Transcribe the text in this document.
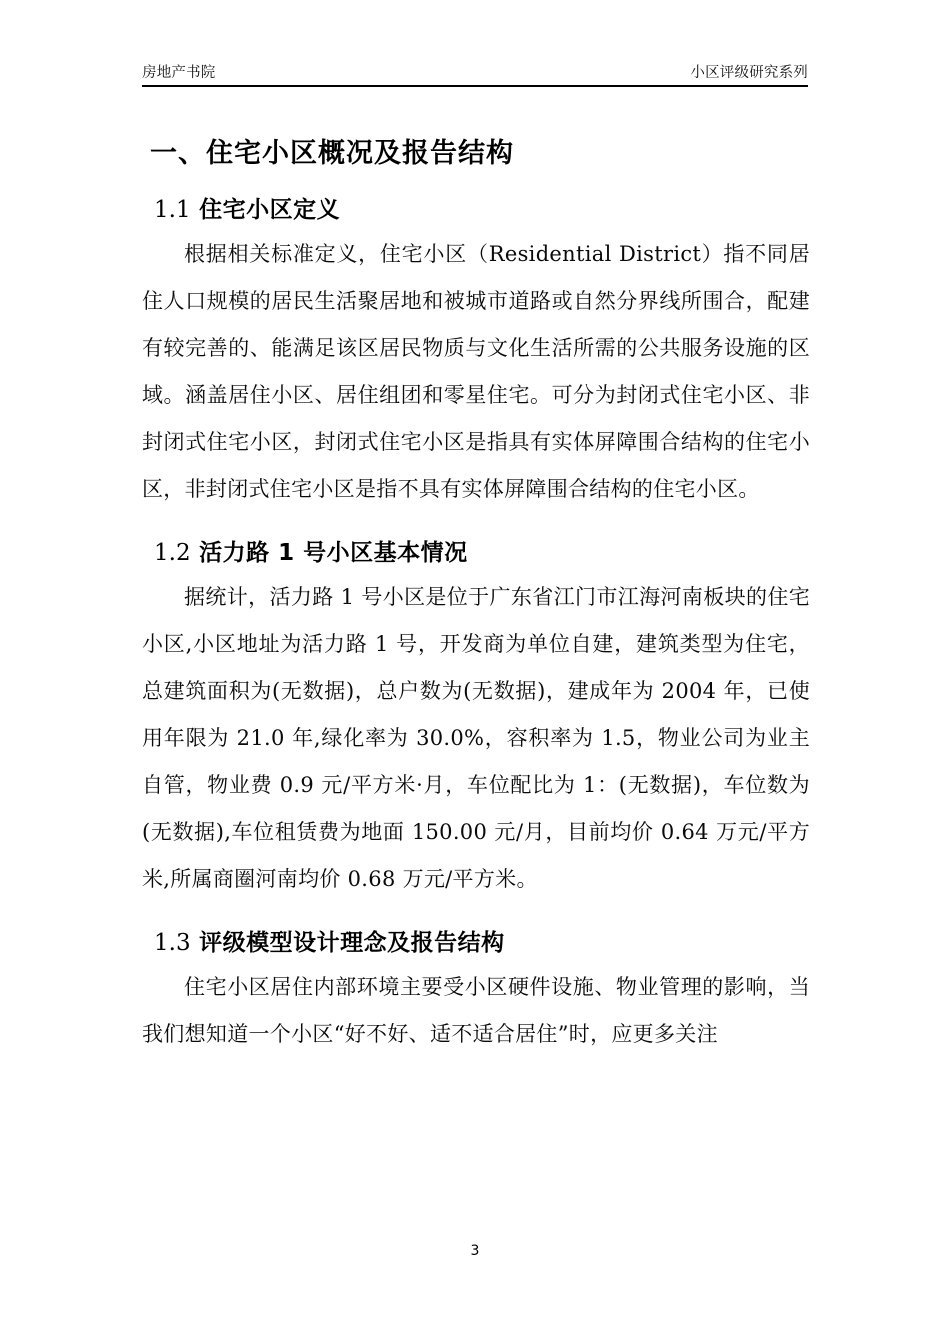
房地产书院	小区评级研究系列
一、住宅小区概况及报告结构
1.1 住宅小区定义

根据相关标准定义，住宅小区（Residential District）指不同居住人口规模的居民生活聚居地和被城市道路或自然分界线所围合，配建有较完善的、能满足该区居民物质与文化生活所需的公共服务设施的区域。涵盖居住小区、居住组团和零星住宅。可分为封闭式住宅小区、非封闭式住宅小区，封闭式住宅小区是指具有实体屏障围合结构的住宅小区，非封闭式住宅小区是指不具有实体屏障围合结构的住宅小区。

1.2 活力路 1 号小区基本情况

据统计，活力路 1 号小区是位于广东省江门市江海河南板块的住宅小区,小区地址为活力路 1 号，开发商为单位自建，建筑类型为住宅，总建筑面积为(无数据)，总户数为(无数据)，建成年为 2004 年，已使用年限为 21.0 年,绿化率为 30.0%，容积率为 1.5，物业公司为业主自管，物业费 0.9 元/平方米·月，车位配比为 1：(无数据)，车位数为(无数据),车位租赁费为地面 150.00 元/月，目前均价 0.64 万元/平方米,所属商圈河南均价 0.68 万元/平方米。

1.3 评级模型设计理念及报告结构

住宅小区居住内部环境主要受小区硬件设施、物业管理的影响，当我们想知道一个小区“好不好、适不适合居住”时，应更多关注

3
